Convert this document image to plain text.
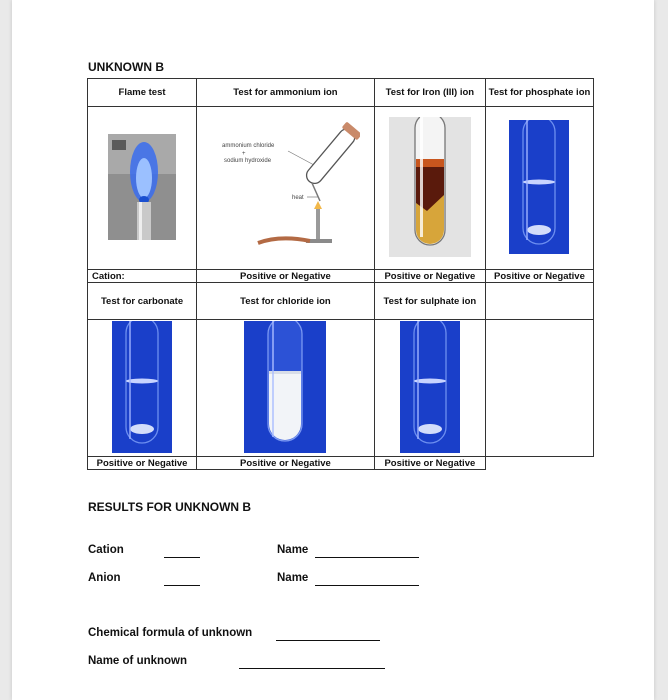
UNKNOWN B
Flame test	Test for ammonium ion	Test for Iron (III) ion	Test for phosphate ion

ammonium chloride
+
sodium hydroxide
heat

Cation:	Positive or Negative	Positive or Negative	Positive or Negative
Test for carbonate	Test for chloride ion	Test for sulphate ion	

Positive or Negative	Positive or Negative	Positive or Negative	
RESULTS FOR UNKNOWN B
Cation	Name
Anion	Name
Chemical formula of unknown
Name of unknown
